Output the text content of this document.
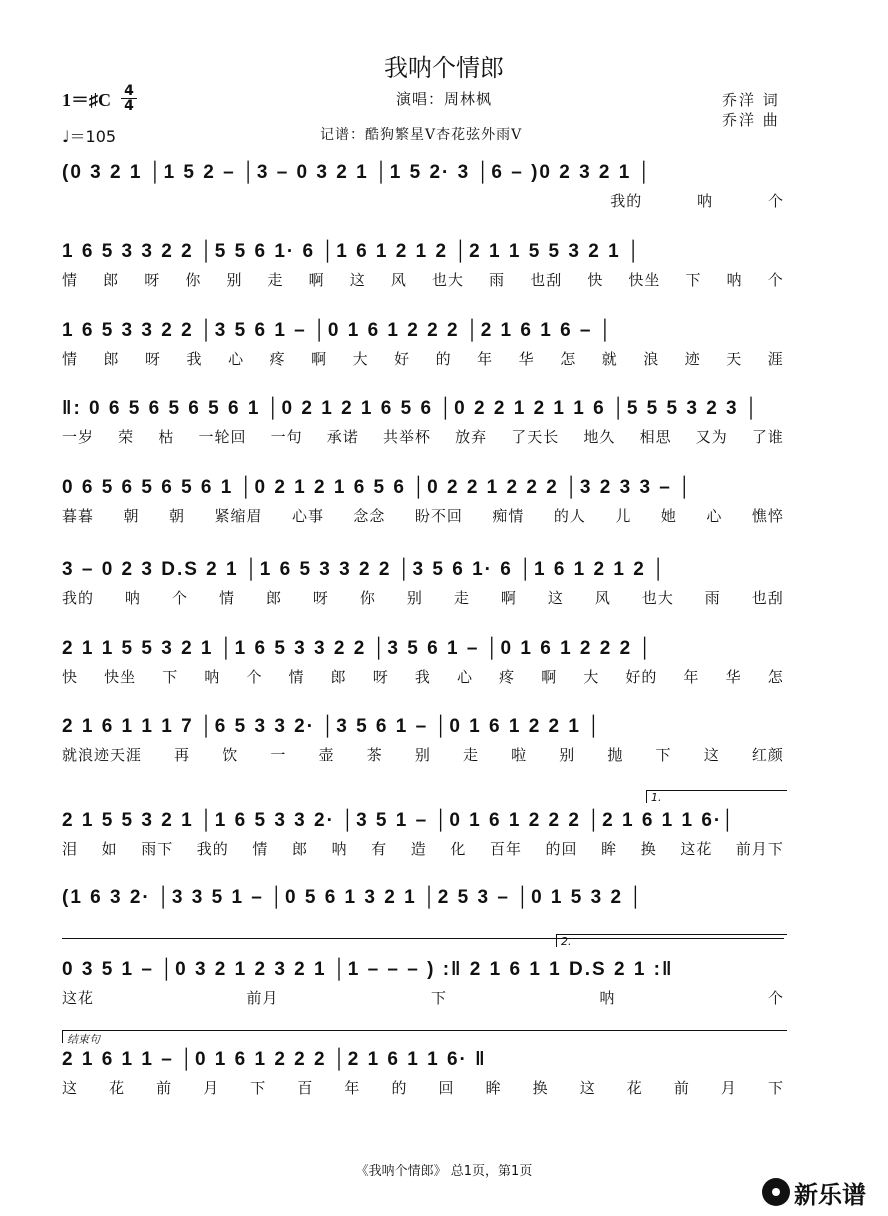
我呐个情郎
演唱：周林枫
1＝♯C 4
4
♩＝105	记谱：酷狗繁星V杏花弦外雨V
乔洋 词
乔洋 曲
(0 3 2 1 │1 5 2 – │3 – 0 3 2 1 │1 5 2· 3 │6 – )0 2 3 2 1 │
我的	呐	个
1 6 5 3 3 2 2 │5 5 6 1· 6 │1 6 1 2 1 2 │2 1 1 5 5 3 2 1 │
情 郎 呀 你 别 走 啊 这 风 也大 雨 也刮 快 快坐 下 呐 个
1 6 5 3 3 2 2 │3 5 6 1 – │0 1 6 1 2 2 2 │2 1 6 1 6 – │
情 郎 呀 我 心 疼 啊 大 好 的 年 华 怎 就 浪 迹 天 涯
‖: 0 6 5 6 5 6 5 6 1 │0 2 1 2 1 6 5 6 │0 2 2 1 2 1 1 6 │5 5 5 3 2 3 │
一岁 荣 枯 一轮回 一句 承诺 共举杯 放弃 了天长 地久 相思 又为 了谁
0 6 5 6 5 6 5 6 1 │0 2 1 2 1 6 5 6 │0 2 2 1 2 2 2 │3 2 3 3 – │
暮暮 朝 朝 紧缩眉 心事 念念 盼不回 痴情 的人 儿 她 心 憔悴
3 – 0 2 3 D.S 2 1 │1 6 5 3 3 2 2 │3 5 6 1· 6 │1 6 1 2 1 2 │
我的 呐 个 情 郎 呀 你 别 走 啊 这 风 也大 雨 也刮
2 1 1 5 5 3 2 1 │1 6 5 3 3 2 2 │3 5 6 1 – │0 1 6 1 2 2 2 │
快 快坐 下 呐 个 情 郎 呀 我 心 疼 啊 大 好的 年 华 怎
2 1 6 1 1 1 7 │6 5 3 3 2· │3 5 6 1 – │0 1 6 1 2 2 1 │
就浪迹天涯 再 饮 一 壶 茶 别 走 啦 别 抛 下 这 红颜
2 1 5 5 3 2 1 │1 6 5 3 3 2· │3 5 1 – │0 1 6 1 2 2 2 │2 1 6 1 1 6·│
泪 如 雨下 我的 情 郎 呐 有 造 化 百年 的回 眸 换 这花 前月下
(1 6 3 2· │3 3 5 1 – │0 5 6 1 3 2 1 │2 5 3 – │0 1 5 3 2 │
0 3 5 1 – │0 3 2 1 2 3 2 1 │1 – – – ) :‖ 2 1 6 1 1 D.S 2 1 :‖
这花	前月	下	呐	个
2 1 6 1 1 – │0 1 6 1 2 2 2 │2 1 6 1 1 6· ‖
这 花 前 月 下 百 年 的 回 眸 换 这 花 前 月 下
1.
2.
结束句
《我呐个情郎》 总1页，第1页
新乐谱
